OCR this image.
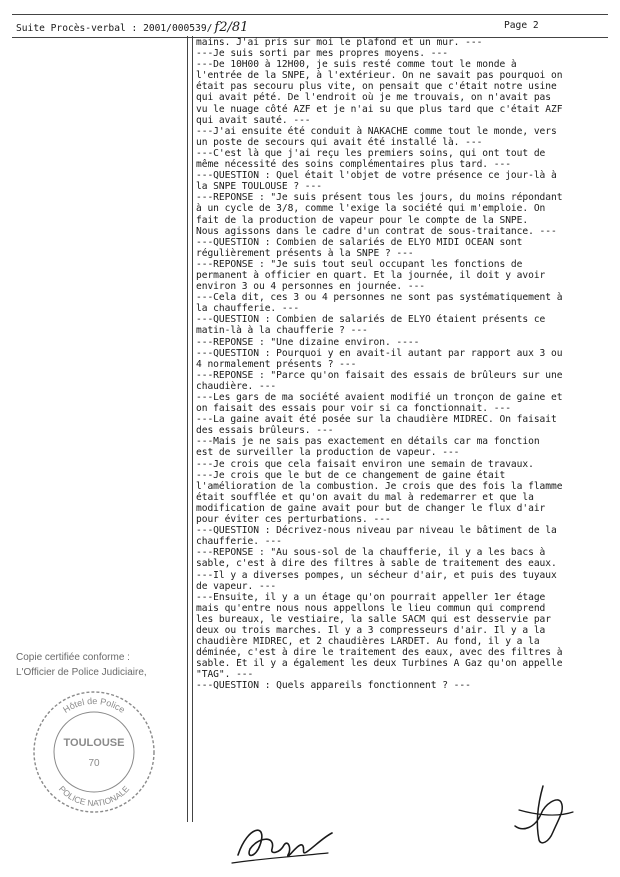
Suite Procès-verbal : 2001/000539/ f2/81	Page 2
mains. J'ai pris sur moi le plafond et un mur. ---
---Je suis sorti par mes propres moyens. ---
---De 10H00 à 12H00, je suis resté comme tout le monde à
l'entrée de la SNPE, à l'extérieur. On ne savait pas pourquoi on
était pas secouru plus vite, on pensait que c'était notre usine
qui avait pété. De l'endroit où je me trouvais, on n'avait pas
vu le nuage côté AZF et je n'ai su que plus tard que c'était AZF
qui avait sauté. ---
---J'ai ensuite été conduit à NAKACHE comme tout le monde, vers
un poste de secours qui avait été installé là. ---
---C'est là que j'ai reçu les premiers soins, qui ont tout de
même nécessité des soins complémentaires plus tard. ---
---QUESTION : Quel était l'objet de votre présence ce jour-là à
la SNPE TOULOUSE ? ---
---REPONSE : "Je suis présent tous les jours, du moins répondant
à un cycle de 3/8, comme l'exige la société qui m'emploie. On
fait de la production de vapeur pour le compte de la SNPE.
Nous agissons dans le cadre d'un contrat de sous-traitance. ---
---QUESTION : Combien de salariés de ELYO MIDI OCEAN sont
régulièrement présents à la SNPE ? ---
---REPONSE : "Je suis tout seul occupant les fonctions de
permanent à officier en quart. Et la journée, il doit y avoir
environ 3 ou 4 personnes en journée. ---
---Cela dit, ces 3 ou 4 personnes ne sont pas systématiquement à
la chaufferie. ---
---QUESTION : Combien de salariés de ELYO étaient présents ce
matin-là à la chaufferie ? ---
---REPONSE : "Une dizaine environ. ----
---QUESTION : Pourquoi y en avait-il autant par rapport aux 3 ou
4 normalement présents ? ---
---REPONSE : "Parce qu'on faisait des essais de brûleurs sur une
chaudière. ---
---Les gars de ma société avaient modifié un tronçon de gaine et
on faisait des essais pour voir si ca fonctionnait. ---
---La gaine avait été posée sur la chaudière MIDREC. On faisait
des essais brûleurs. ---
---Mais je ne sais pas exactement en détails car ma fonction
est de surveiller la production de vapeur. ---
---Je crois que cela faisait environ une semain de travaux.
---Je crois que le but de ce changement de gaine était
l'amélioration de la combustion. Je crois que des fois la flamme
était soufflée et qu'on avait du mal à redemarrer et que la
modification de gaine avait pour but de changer le flux d'air
pour éviter ces perturbations. ---
---QUESTION : Décrivez-nous niveau par niveau le bâtiment de la
chaufferie. ---
---REPONSE : "Au sous-sol de la chaufferie, il y a les bacs à
sable, c'est à dire des filtres à sable de traitement des eaux.
---Il y a diverses pompes, un sécheur d'air, et puis des tuyaux
de vapeur. ---
---Ensuite, il y a un étage qu'on pourrait appeller 1er étage
mais qu'entre nous nous appellons le lieu commun qui comprend
les bureaux, le vestiaire, la salle SACM qui est desservie par
deux ou trois marches. Il y a 3 compresseurs d'air. Il y a la
chaudière MIDREC, et 2 chaudières LARDET. Au fond, il y a la
déminée, c'est à dire le traitement des eaux, avec des filtres à
sable. Et il y a également les deux Turbines A Gaz qu'on appelle
"TAG". ---
---QUESTION : Quels appareils fonctionnent ? ---
Copie certifiée conforme :
L'Officier de Police Judiciaire,
Hôtel de Police
TOULOUSE
70
POLICE NATIONALE
